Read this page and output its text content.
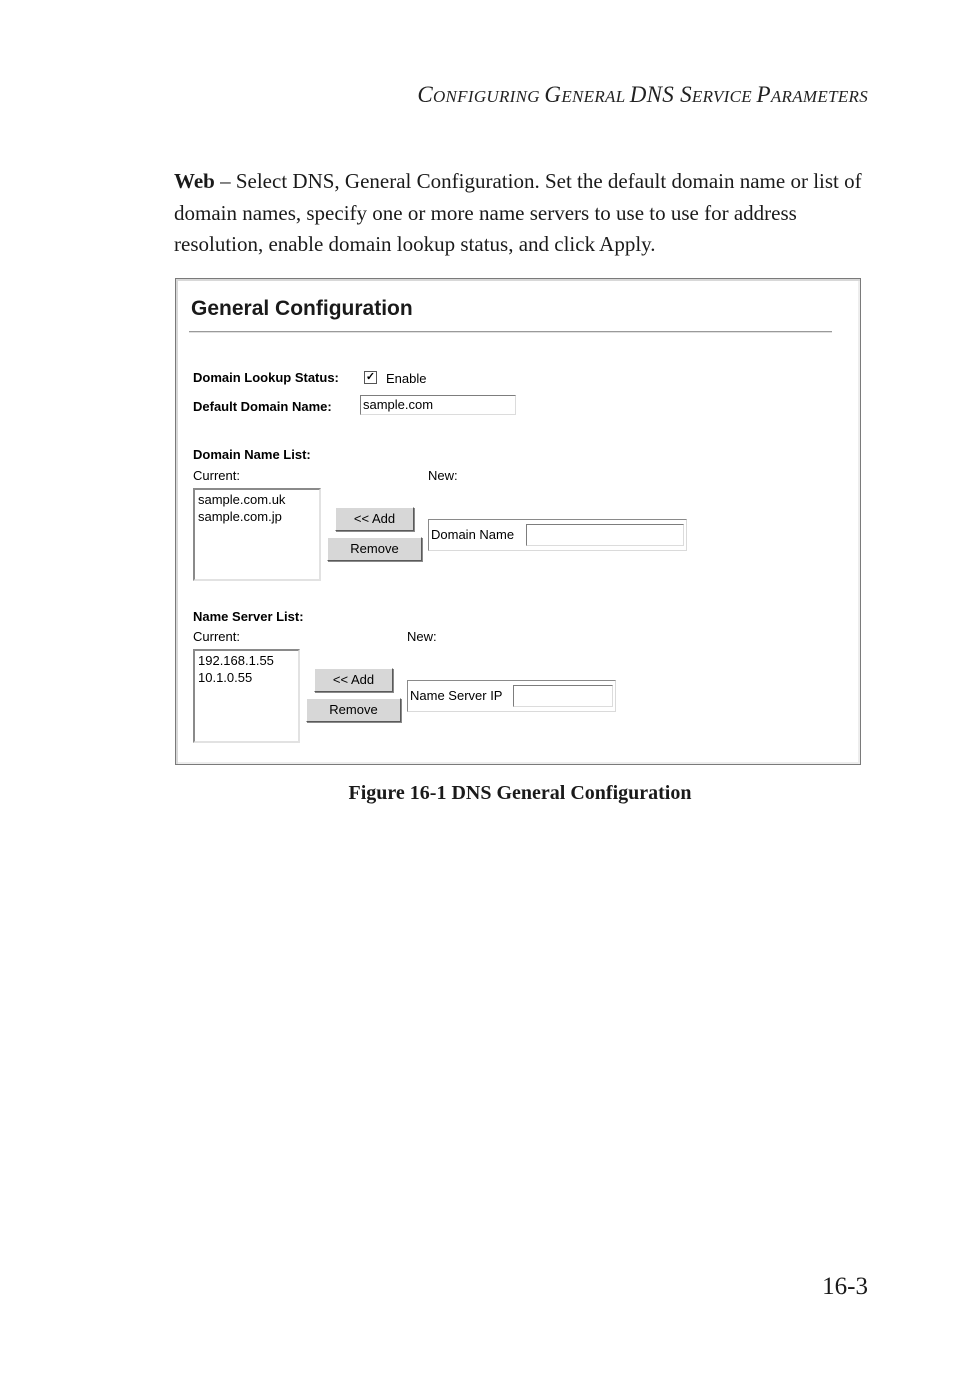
CONFIGURING GENERAL DNS SERVICE PARAMETERS
Web – Select DNS, General Configuration. Set the default domain name or list of domain names, specify one or more name servers to use to use for address resolution, enable domain lookup status, and click Apply.
General Configuration
Domain Lookup Status: ✓ Enable
Default Domain Name: sample.com
Domain Name List:
Current:	New:
sample.com.uk
sample.com.jp	<< Add
Remove
Domain Name
Name Server List:
Current:	New:
192.168.1.55
10.1.0.55	<< Add
Remove
Name Server IP
Figure 16-1 DNS General Configuration
16-3
